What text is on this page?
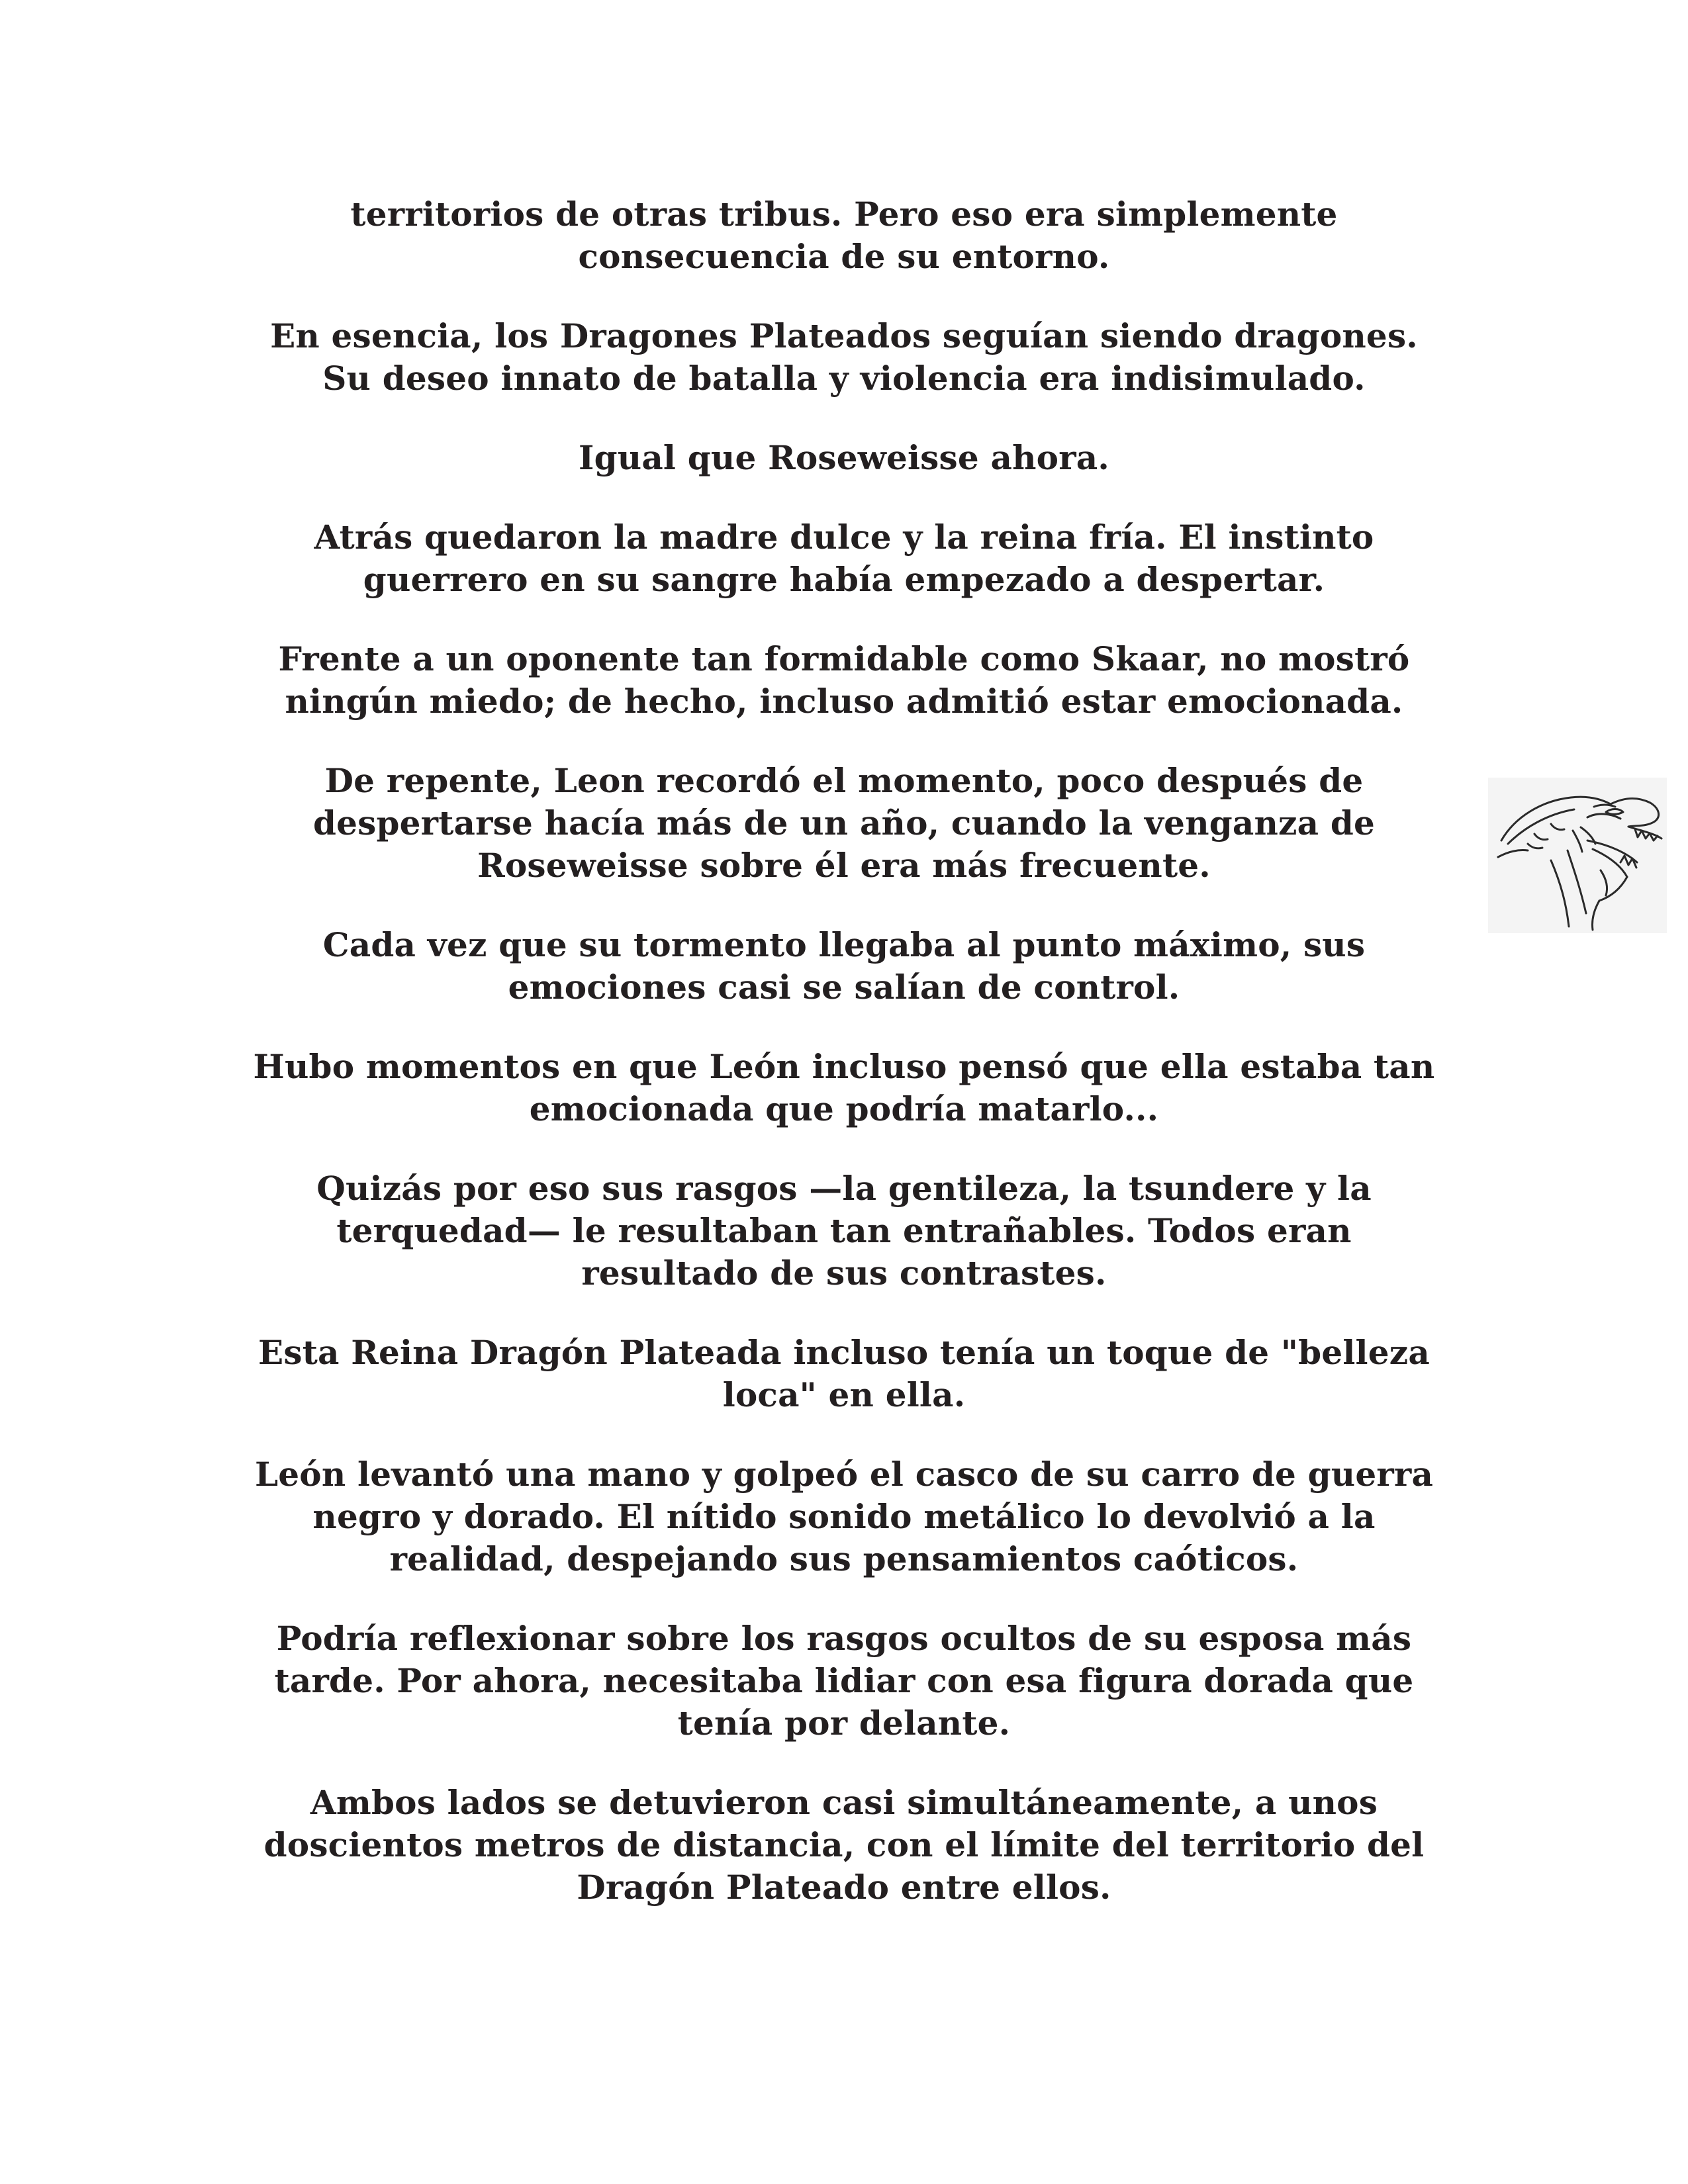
territorios de otras tribus. Pero eso era simplemente
consecuencia de su entorno.

En esencia, los Dragones Plateados seguían siendo dragones.
Su deseo innato de batalla y violencia era indisimulado.

Igual que Roseweisse ahora.

Atrás quedaron la madre dulce y la reina fría. El instinto
guerrero en su sangre había empezado a despertar.

Frente a un oponente tan formidable como Skaar, no mostró
ningún miedo; de hecho, incluso admitió estar emocionada.

De repente, Leon recordó el momento, poco después de
despertarse hacía más de un año, cuando la venganza de
Roseweisse sobre él era más frecuente.

Cada vez que su tormento llegaba al punto máximo, sus
emociones casi se salían de control.

Hubo momentos en que León incluso pensó que ella estaba tan
emocionada que podría matarlo...

Quizás por eso sus rasgos —la gentileza, la tsundere y la
terquedad— le resultaban tan entrañables. Todos eran
resultado de sus contrastes.

Esta Reina Dragón Plateada incluso tenía un toque de "belleza
loca" en ella.

León levantó una mano y golpeó el casco de su carro de guerra
negro y dorado. El nítido sonido metálico lo devolvió a la
realidad, despejando sus pensamientos caóticos.

Podría reflexionar sobre los rasgos ocultos de su esposa más
tarde. Por ahora, necesitaba lidiar con esa figura dorada que
tenía por delante.

Ambos lados se detuvieron casi simultáneamente, a unos
doscientos metros de distancia, con el límite del territorio del
Dragón Plateado entre ellos.
